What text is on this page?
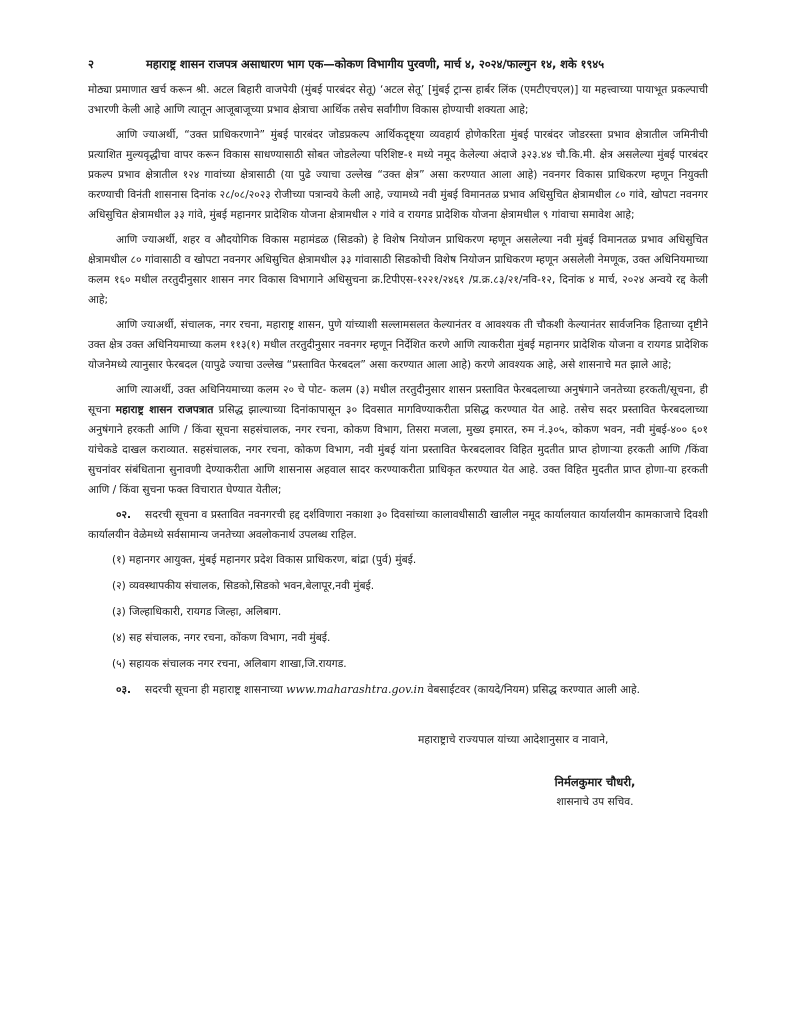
२	महाराष्ट्र शासन राजपत्र असाधारण भाग एक—कोकण विभागीय पुरवणी, मार्च ४, २०२४/फाल्गुन १४, शके १९४५

मोठ्या प्रमाणात खर्च करून श्री. अटल बिहारी वाजपेयी (मुंबई पारबंदर सेतू) ‘अटल सेतू’ [मुंबई ट्रान्स हार्बर लिंक (एमटीएचएल)] या महत्त्वाच्या पायाभूत प्रकल्पाची उभारणी केली आहे आणि त्यातून आजूबाजूच्या प्रभाव क्षेत्राचा आर्थिक तसेच सर्वांगीण विकास होण्याची शक्यता आहे;

आणि ज्याअर्थी, “उक्त प्राधिकरणाने” मुंबई पारबंदर जोडप्रकल्प आर्थिकदृष्ट्या व्यवहार्य होणेकरिता मुंबई पारबंदर जोडरस्ता प्रभाव क्षेत्रातील जमिनीची प्रत्याशित मुल्यवृद्धीचा वापर करून विकास साधण्यासाठी सोबत जोडलेल्या परिशिष्ट-१ मध्ये नमूद केलेल्या अंदाजे ३२३.४४ चौ.कि.मी. क्षेत्र असलेल्या मुंबई पारबंदर प्रकल्प प्रभाव क्षेत्रातील १२४ गावांच्या क्षेत्रासाठी (या पुढे ज्याचा उल्लेख “उक्त क्षेत्र” असा करण्यात आला आहे) नवनगर विकास प्राधिकरण म्हणून नियुक्ती करण्याची विनंती शासनास दिनांक २८/०८/२०२३ रोजीच्या पत्रान्वये केली आहे, ज्यामध्ये नवी मुंबई विमानतळ प्रभाव अधिसुचित क्षेत्रामधील ८० गांवे, खोपटा नवनगर अधिसुचित क्षेत्रामधील ३३ गांवे, मुंबई महानगर प्रादेशिक योजना क्षेत्रामधील २ गांवे व रायगड प्रादेशिक योजना क्षेत्रामधील ९ गांवाचा समावेश आहे;

आणि ज्याअर्थी, शहर व औदयोगिक विकास महामंडळ (सिडको) हे विशेष नियोजन प्राधिकरण म्हणून असलेल्या नवी मुंबई विमानतळ प्रभाव अधिसुचित क्षेत्रामधील ८० गांवासाठी व खोपटा नवनगर अधिसुचित क्षेत्रामधील ३३ गांवासाठी सिडकोची विशेष नियोजन प्राधिकरण म्हणून असलेली नेमणूक, उक्त अधिनियमाच्या कलम १६० मधील तरतुदीनुसार शासन नगर विकास विभागाने अधिसुचना क्र.टिपीएस-१२२१/२४६१ /प्र.क्र.८३/२१/नवि-१२, दिनांक ४ मार्च, २०२४ अन्वये रद्द केली आहे;

आणि ज्याअर्थी, संचालक, नगर रचना, महाराष्ट्र शासन, पुणे यांच्याशी सल्लामसलत केल्यानंतर व आवश्यक ती चौकशी केल्यानंतर सार्वजनिक हिताच्या दृष्टीने उक्त क्षेत्र उक्त अधिनियमाच्या कलम ११३(१) मधील तरतुदीनुसार नवनगर म्हणून निर्देशित करणे आणि त्याकरीता मुंबई महानगर प्रादेशिक योजना व रायगड प्रादेशिक योजनेमध्ये त्यानुसार फेरबदल (यापुढे ज्याचा उल्लेख “प्रस्तावित फेरबदल” असा करण्यात आला आहे) करणे आवश्यक आहे, असे शासनाचे मत झाले आहे;

आणि त्याअर्थी, उक्त अधिनियमाच्या कलम २० चे पोट- कलम (३) मधील तरतुदीनुसार शासन प्रस्तावित फेरबदलाच्या अनुषंगाने जनतेच्या हरकती/सूचना, ही सूचना महाराष्ट्र शासन राजपत्रात प्रसिद्ध झाल्याच्या दिनांकापासून ३० दिवसात मागविण्याकरीता प्रसिद्ध करण्यात येत आहे. तसेच सदर प्रस्तावित फेरबदलाच्या अनुषंगाने हरकती आणि / किंवा सूचना सहसंचालक, नगर रचना, कोकण विभाग, तिसरा मजला, मुख्य इमारत, रुम नं.३०५, कोकण भवन, नवी मुंबई-४०० ६०१ यांचेकडे दाखल कराव्यात. सहसंचालक, नगर रचना, कोकण विभाग, नवी मुंबई यांना प्रस्तावित फेरबदलावर विहित मुदतीत प्राप्त होणाऱ्या हरकती आणि /किंवा सुचनांवर संबंधिताना सुनावणी देण्याकरीता आणि शासनास अहवाल सादर करण्याकरीता प्राधिकृत करण्यात येत आहे. उक्त विहित मुदतीत प्राप्त होणा-या हरकती आणि / किंवा सुचना फक्त विचारात घेण्यात येतील;

०२. सदरची सूचना व प्रस्तावित नवनगरची हद्द दर्शविणारा नकाशा ३० दिवसांच्या कालावधीसाठी खालील नमूद कार्यालयात कार्यालयीन कामकाजाचे दिवशी कार्यालयीन वेळेमध्ये सर्वसामान्य जनतेच्या अवलोकनार्थ उपलब्ध राहिल.

(१) महानगर आयुक्त, मुंबई महानगर प्रदेश विकास प्राधिकरण, बांद्रा (पुर्व) मुंबई.
(२) व्यवस्थापकीय संचालक, सिडको,सिडको भवन,बेलापूर,नवी मुंबई.
(३) जिल्हाधिकारी, रायगड जिल्हा, अलिबाग.
(४) सह संचालक, नगर रचना, कोंकण विभाग, नवी मुंबई.
(५) सहायक संचालक नगर रचना, अलिबाग शाखा,जि.रायगड.

०३. सदरची सूचना ही महाराष्ट्र शासनाच्या www.maharashtra.gov.in वेबसाईटवर (कायदे/नियम) प्रसिद्ध करण्यात आली आहे.

महाराष्ट्राचे राज्यपाल यांच्या आदेशानुसार व नावाने,
निर्मलकुमार चौधरी,
शासनाचे उप सचिव.
